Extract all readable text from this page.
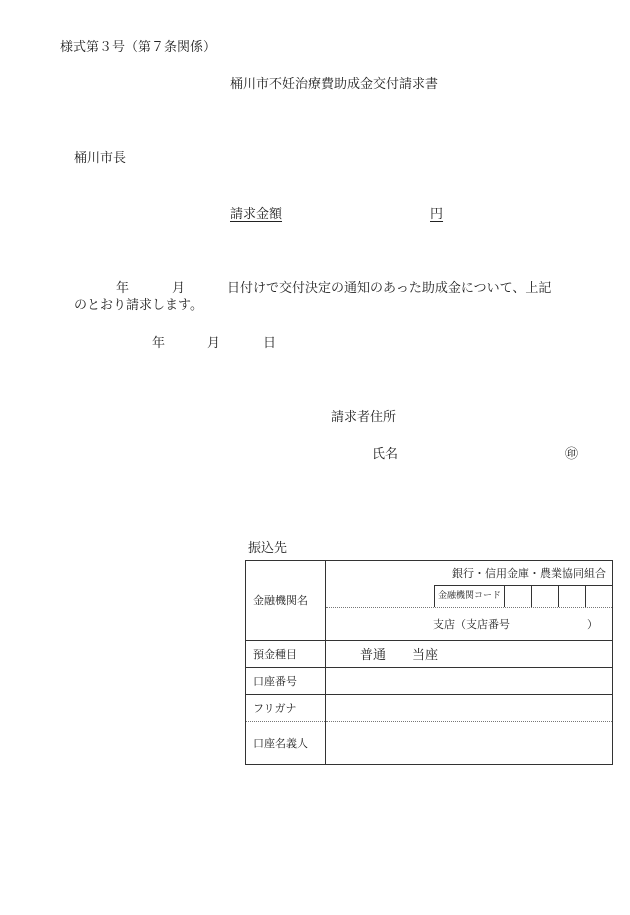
様式第３号（第７条関係）
桶川市不妊治療費助成金交付請求書
桶川市長
請求金額	円
年	月	日付けで交付決定の通知のあった助成金について、上記
のとおり請求します。
年	月	日
請求者住所
氏名	㊞
振込先
金融機関名	銀行・信用金庫・農業協同組合

	金融機関コード

	支店（支店番号　　　　　　　）
預金種目	普通 当座
口座番号	
フリガナ	
口座名義人	
